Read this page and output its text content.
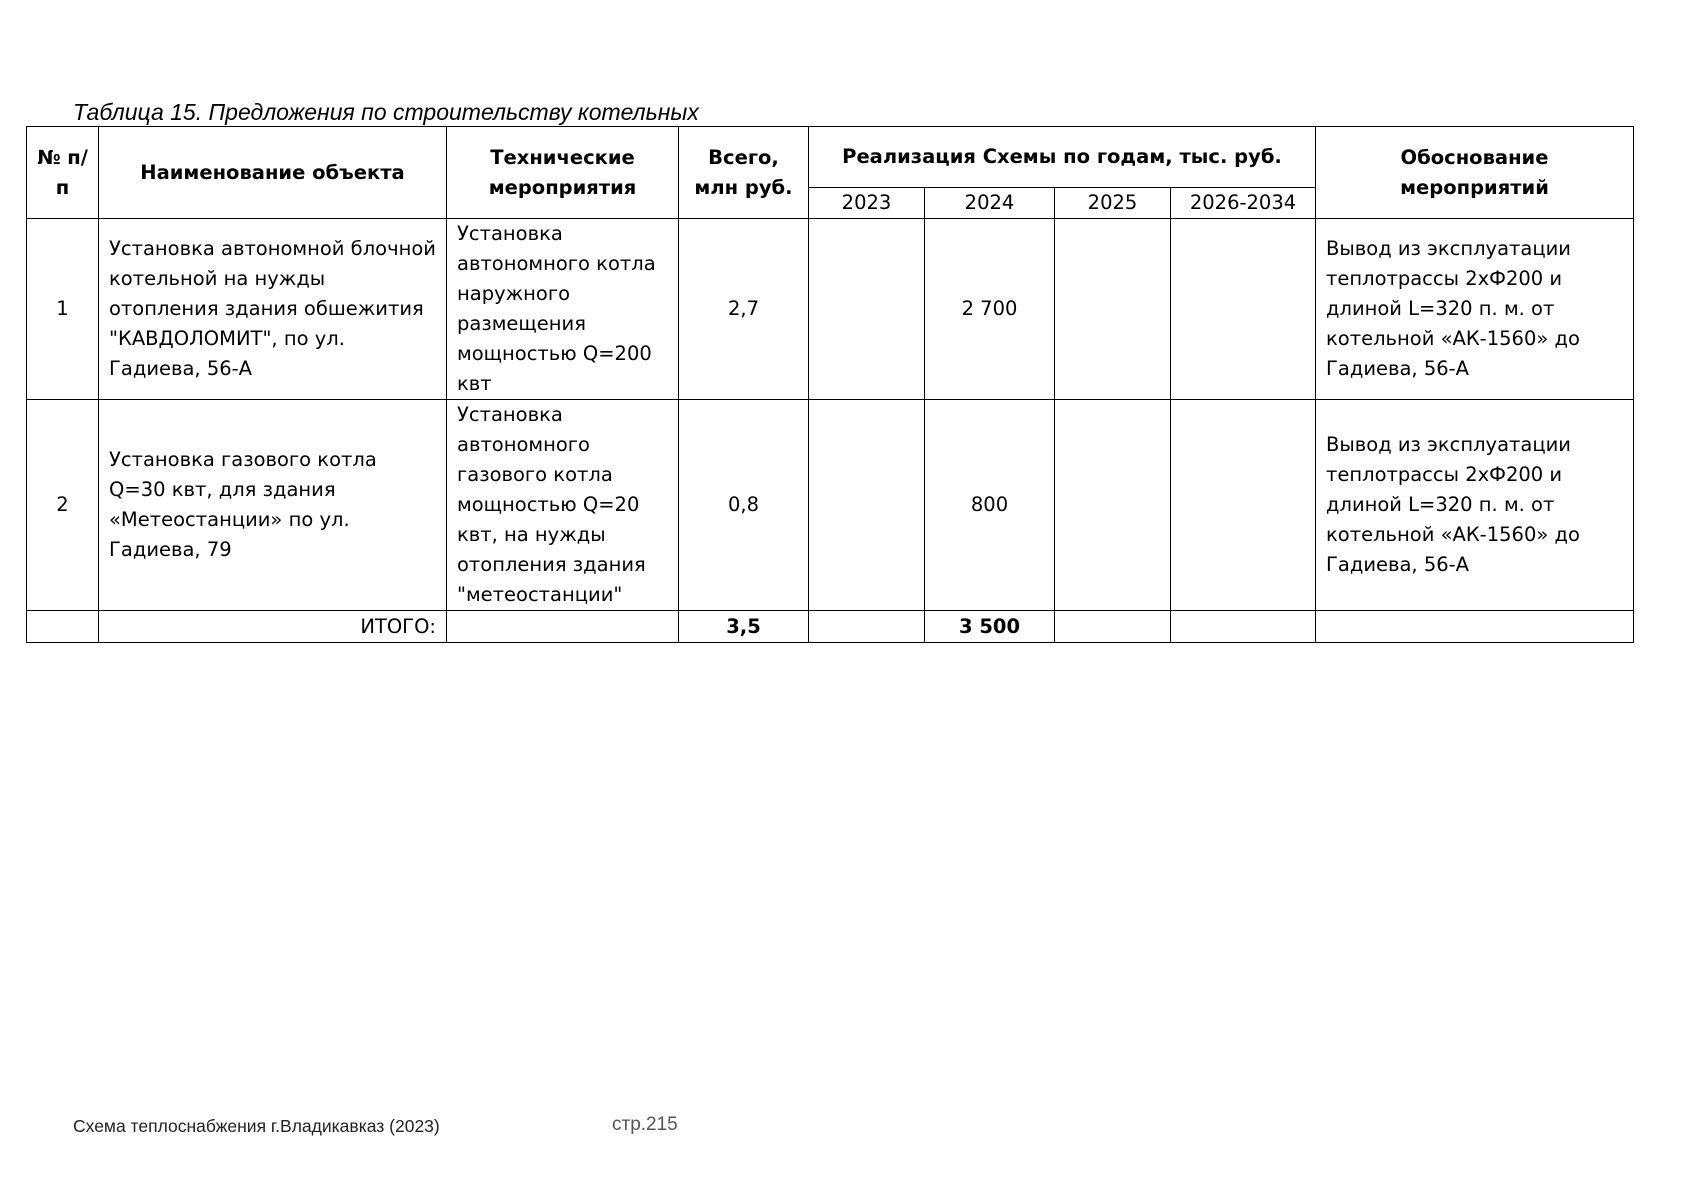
Таблица 15. Предложения по строительству котельных
№ п/п	Наименование объекта	Технические мероприятия	Всего, млн руб.	Реализация Схемы по годам, тыс. руб.				Обоснование мероприятий
				2023	2024	2025	2026-2034	
1	Установка автономной блочной котельной на нужды отопления здания обшежития "КАВДОЛОМИТ", по ул. Гадиева, 56-А	Установка автономного котла наружного размещения мощностью Q=200 квт	2,7		2 700			Вывод из эксплуатации теплотрассы 2хФ200 и длиной L=320 п. м. от котельной «АК-1560» до Гадиева, 56-А
2	Установка газового котла Q=30 квт, для здания «Метеостанции» по ул. Гадиева, 79	Установка автономного газового котла мощностью Q=20 квт, на нужды отопления здания "метеостанции"	0,8		800			Вывод из эксплуатации теплотрассы 2хФ200 и длиной L=320 п. м. от котельной «АК-1560» до Гадиева, 56-А
	ИТОГО:		3,5		3 500			
Схема теплоснабжения г.Владикавказ (2023)	стр.215
